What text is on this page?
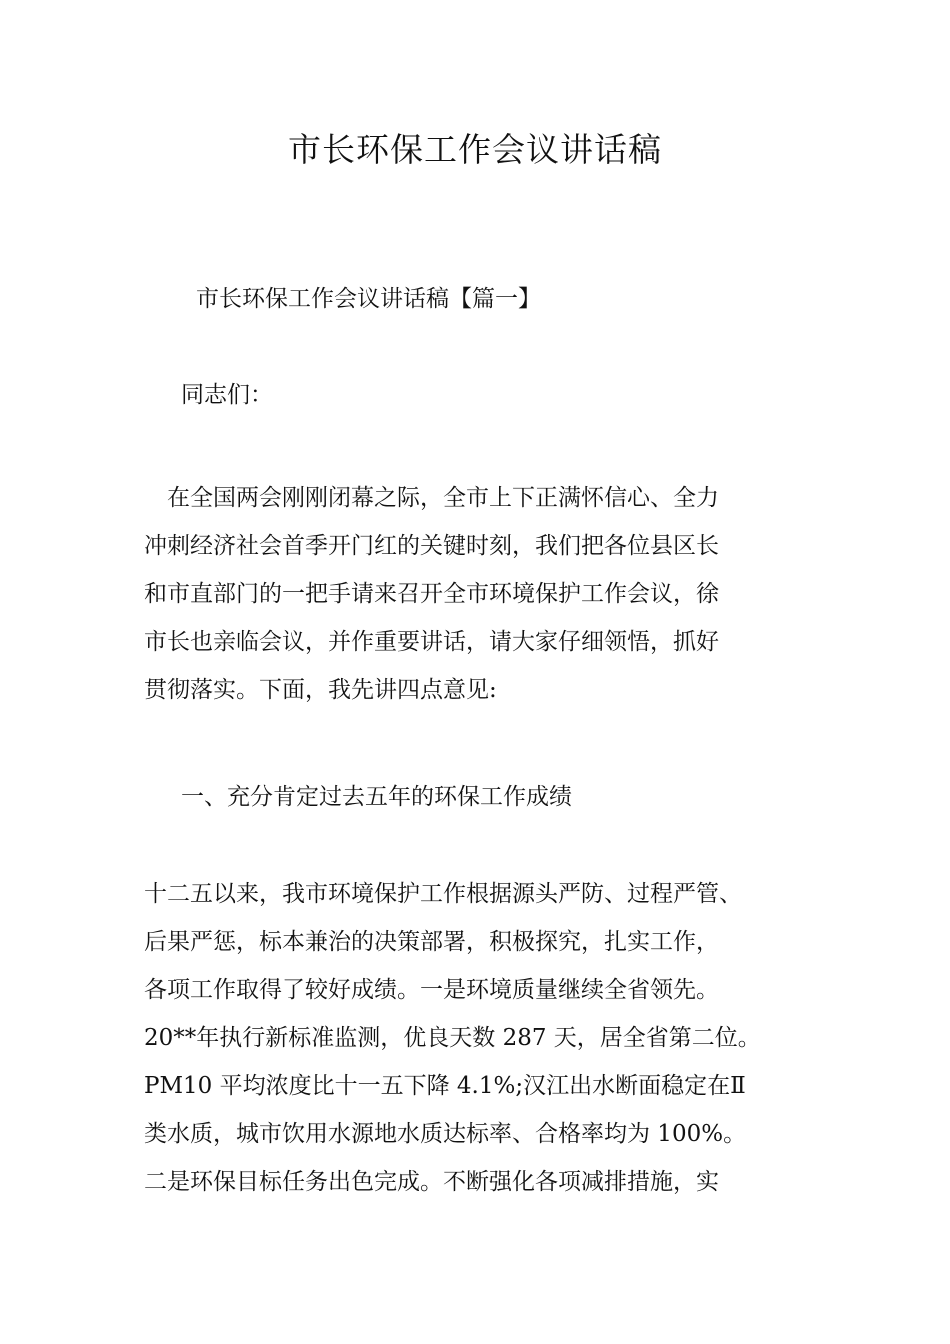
市长环保工作会议讲话稿
市长环保工作会议讲话稿【篇一】
同志们：
　在全国两会刚刚闭幕之际，全市上下正满怀信心、全力
冲刺经济社会首季开门红的关键时刻，我们把各位县区长
和市直部门的一把手请来召开全市环境保护工作会议，徐
市长也亲临会议，并作重要讲话，请大家仔细领悟，抓好
贯彻落实。下面，我先讲四点意见:
一、充分肯定过去五年的环保工作成绩
十二五以来，我市环境保护工作根据源头严防、过程严管、
后果严惩，标本兼治的决策部署，积极探究，扎实工作，
各项工作取得了较好成绩。一是环境质量继续全省领先。
20**年执行新标准监测，优良天数 287 天，居全省第二位。
PM10 平均浓度比十一五下降 4.1%;汉江出水断面稳定在Ⅱ
类水质，城市饮用水源地水质达标率、合格率均为 100%。
二是环保目标任务出色完成。不断强化各项减排措施，实
